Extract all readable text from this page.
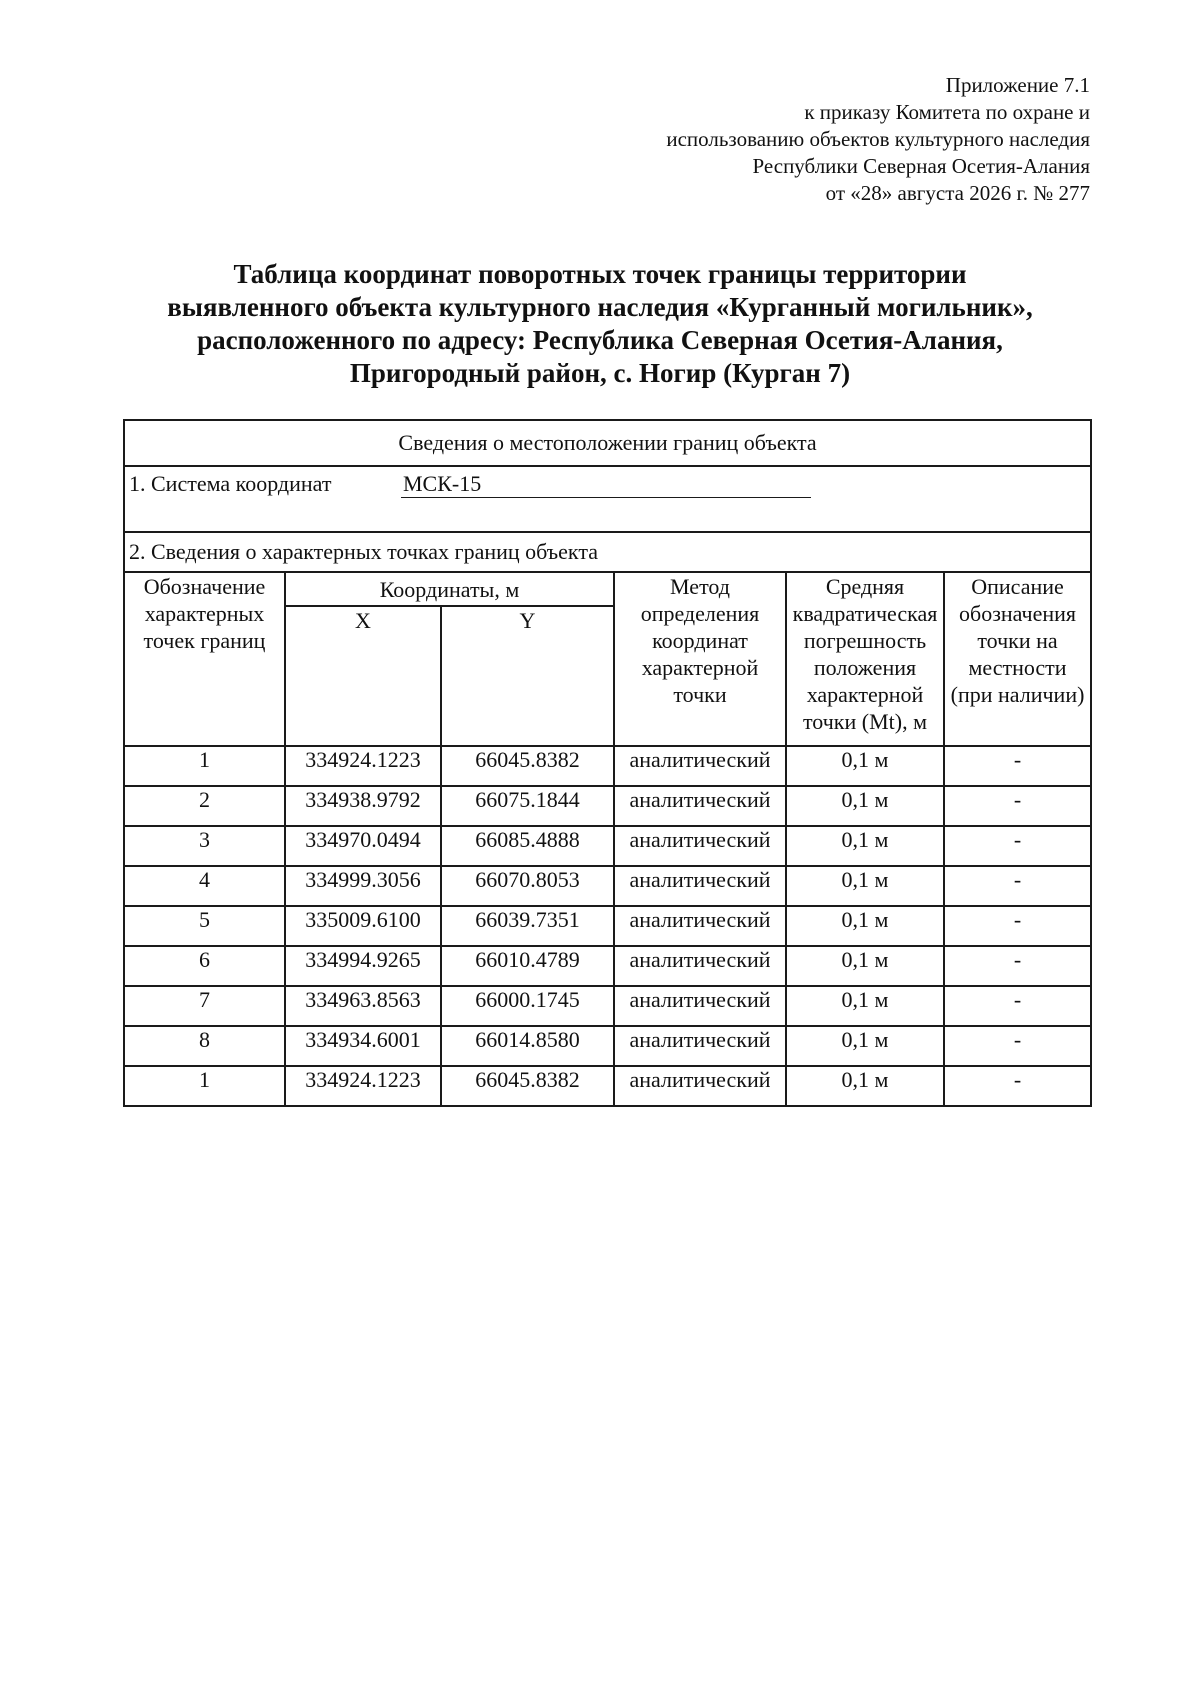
Приложение 7.1
к приказу Комитета по охране и
использованию объектов культурного наследия
Республики Северная Осетия-Алания
от «28» августа 2026 г. № 277
Таблица координат поворотных точек границы территории
выявленного объекта культурного наследия «Курганный могильник»,
расположенного по адресу: Республика Северная Осетия-Алания,
Пригородный район, с. Ногир (Курган 7)
Сведения о местоположении границ объекта					
1. Система координат МСК-15					
2. Сведения о характерных точках границ объекта					
Обозначение характерных точек границ	Координаты, м		Метод определения координат характерной точки	Средняя квадратическая погрешность положения характерной точки (Mt), м	Описание обозначения точки на местности (при наличии)
	X	Y			
1	334924.1223	66045.8382	аналитический	0,1 м	-
2	334938.9792	66075.1844	аналитический	0,1 м	-
3	334970.0494	66085.4888	аналитический	0,1 м	-
4	334999.3056	66070.8053	аналитический	0,1 м	-
5	335009.6100	66039.7351	аналитический	0,1 м	-
6	334994.9265	66010.4789	аналитический	0,1 м	-
7	334963.8563	66000.1745	аналитический	0,1 м	-
8	334934.6001	66014.8580	аналитический	0,1 м	-
1	334924.1223	66045.8382	аналитический	0,1 м	-
